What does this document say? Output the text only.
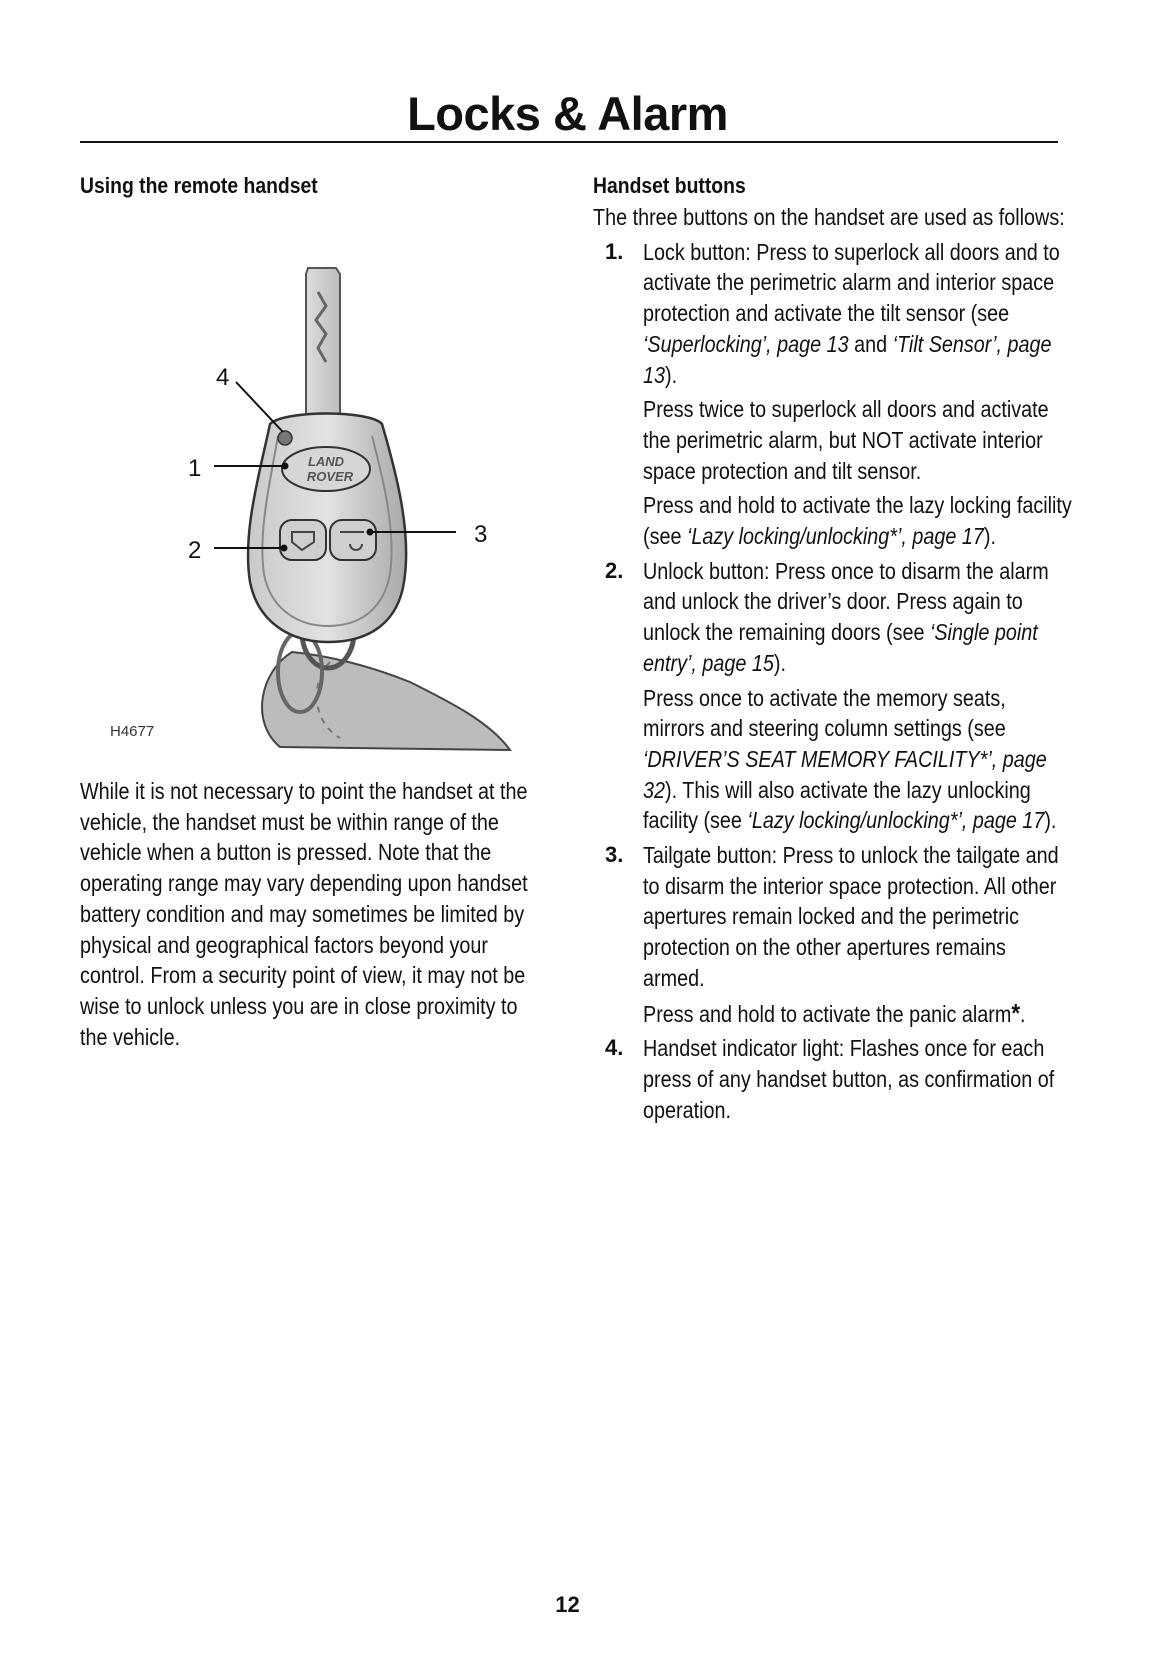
Locks & Alarm
Using the remote handset
LAND
ROVER
4
1
2
3
H4677
While it is not necessary to point the handset at the vehicle, the handset must be within range of the vehicle when a button is pressed. Note that the operating range may vary depending upon handset battery condition and may sometimes be limited by physical and geographical factors beyond your control. From a security point of view, it may not be wise to unlock unless you are in close proximity to the vehicle.
Handset buttons
The three buttons on the handset are used as follows:
1. Lock button: Press to superlock all doors and to activate the perimetric alarm and interior space protection and activate the tilt sensor (see ‘Superlocking’, page 13 and ‘Tilt Sensor’, page 13).
Press twice to superlock all doors and activate the perimetric alarm, but NOT activate interior space protection and tilt sensor.
Press and hold to activate the lazy locking facility (see ‘Lazy locking/unlocking*’, page 17).
2. Unlock button: Press once to disarm the alarm and unlock the driver’s door. Press again to unlock the remaining doors (see ‘Single point entry’, page 15).
Press once to activate the memory seats, mirrors and steering column settings (see ‘DRIVER’S SEAT MEMORY FACILITY*’, page 32). This will also activate the lazy unlocking facility (see ‘Lazy locking/unlocking*’, page 17).
3. Tailgate button: Press to unlock the tailgate and to disarm the interior space protection. All other apertures remain locked and the perimetric protection on the other apertures remains armed.
Press and hold to activate the panic alarm*.
4. Handset indicator light: Flashes once for each press of any handset button, as confirmation of operation.
12
